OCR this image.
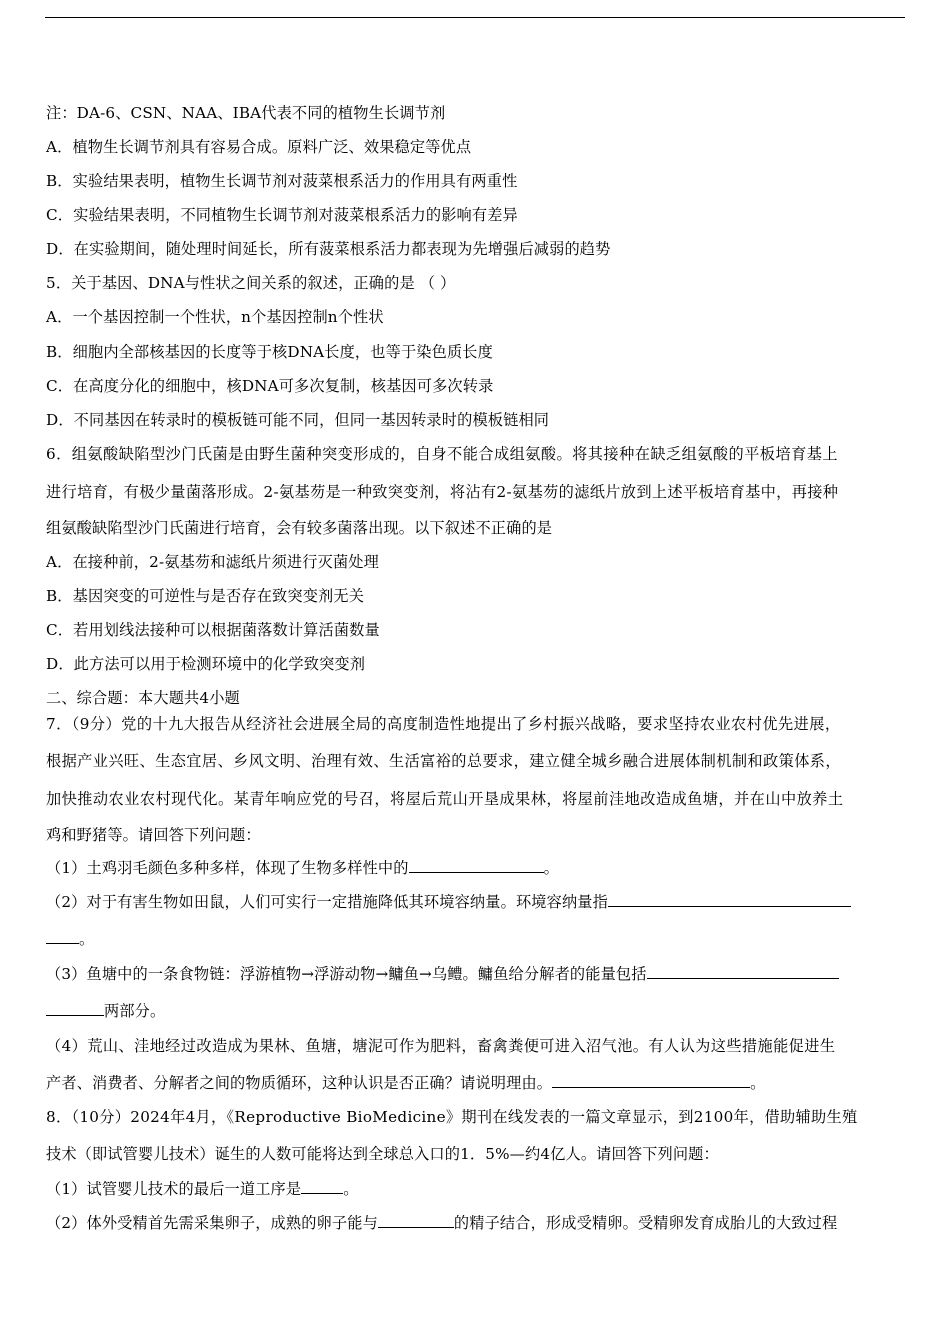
注：DA-6、CSN、NAA、IBA代表不同的植物生长调节剂
A．植物生长调节剂具有容易合成。原料广泛、效果稳定等优点
B．实验结果表明，植物生长调节剂对菠菜根系活力的作用具有两重性
C．实验结果表明，不同植物生长调节剂对菠菜根系活力的影响有差异
D．在实验期间，随处理时间延长，所有菠菜根系活力都表现为先增强后减弱的趋势
5．关于基因、DNA与性状之间关系的叙述，正确的是 （ ）
A．一个基因控制一个性状，n个基因控制n个性状
B．细胞内全部核基因的长度等于核DNA长度，也等于染色质长度
C．在高度分化的细胞中，核DNA可多次复制，核基因可多次转录
D．不同基因在转录时的模板链可能不同，但同一基因转录时的模板链相同
6．组氨酸缺陷型沙门氏菌是由野生菌种突变形成的，自身不能合成组氨酸。将其接种在缺乏组氨酸的平板培育基上
进行培育，有极少量菌落形成。2-氨基芴是一种致突变剂，将沾有2-氨基芴的滤纸片放到上述平板培育基中，再接种
组氨酸缺陷型沙门氏菌进行培育，会有较多菌落出现。以下叙述不正确的是
A．在接种前，2-氨基芴和滤纸片须进行灭菌处理
B．基因突变的可逆性与是否存在致突变剂无关
C．若用划线法接种可以根据菌落数计算活菌数量
D．此方法可以用于检测环境中的化学致突变剂
二、综合题：本大题共4小题
7．（9分）党的十九大报告从经济社会进展全局的高度制造性地提出了乡村振兴战略，要求坚持农业农村优先进展，
根据产业兴旺、生态宜居、乡风文明、治理有效、生活富裕的总要求，建立健全城乡融合进展体制机制和政策体系，
加快推动农业农村现代化。某青年响应党的号召，将屋后荒山开垦成果林，将屋前洼地改造成鱼塘，并在山中放养土
鸡和野猪等。请回答下列问题：
（1）土鸡羽毛颜色多种多样，体现了生物多样性中的	。
（2）对于有害生物如田鼠，人们可实行一定措施降低其环境容纳量。环境容纳量指
。
（3）鱼塘中的一条食物链：浮游植物→浮游动物→鳙鱼→乌鳢。鳙鱼给分解者的能量包括
两部分。
（4）荒山、洼地经过改造成为果林、鱼塘，塘泥可作为肥料，畜禽粪便可进入沼气池。有人认为这些措施能促进生
产者、消费者、分解者之间的物质循环，这种认识是否正确？请说明理由。	。
8．（10分）2024年4月，《Reproductive BioMedicine》期刊在线发表的一篇文章显示，到2100年，借助辅助生殖
技术（即试管婴儿技术）诞生的人数可能将达到全球总入口的1．5%—约4亿人。请回答下列问题：
（1）试管婴儿技术的最后一道工序是	。
（2）体外受精首先需采集卵子，成熟的卵子能与	的精子结合，形成受精卵。受精卵发育成胎儿的大致过程
